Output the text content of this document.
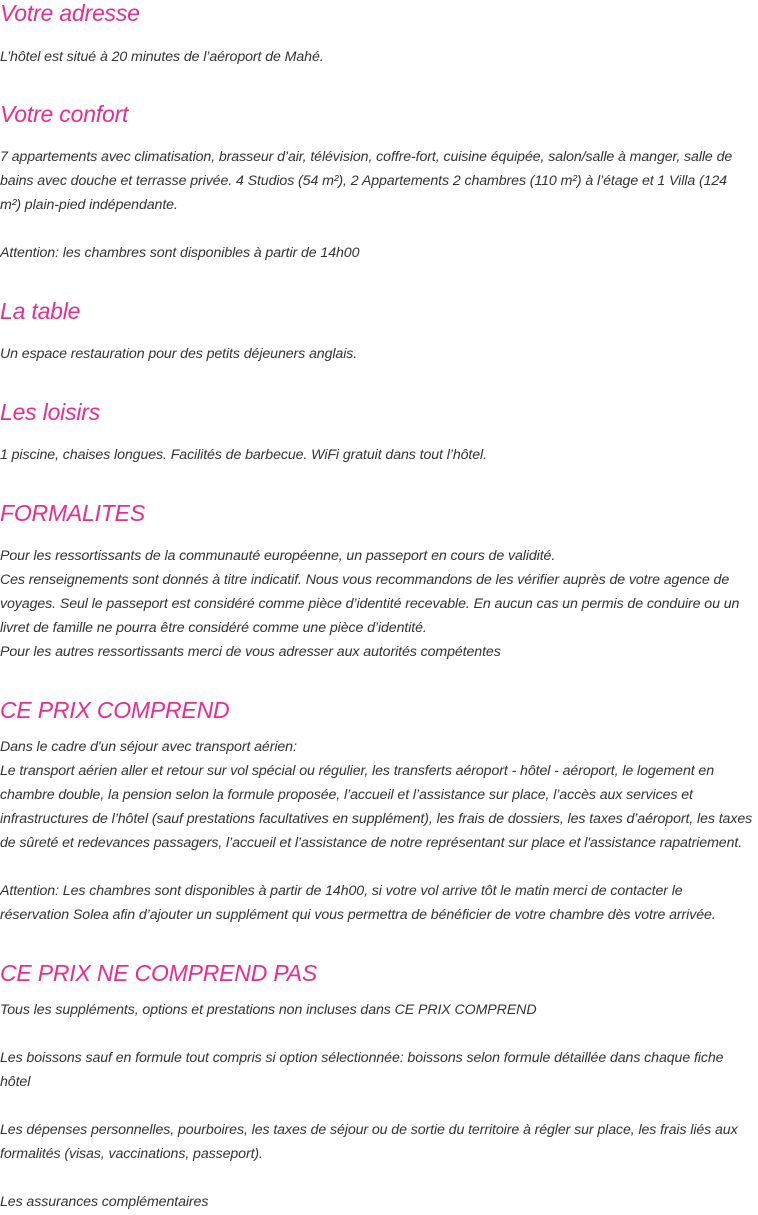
Votre adresse

L’hôtel est situé à 20 minutes de l’aéroport de Mahé.

Votre confort

7 appartements avec climatisation, brasseur d’air, télévision, coffre-fort, cuisine équipée, salon/salle à manger, salle de
bains avec douche et terrasse privée. 4 Studios (54 m²), 2 Appartements 2 chambres (110 m²) à l’étage et 1 Villa (124
m²) plain-pied indépendante.

Attention: les chambres sont disponibles à partir de 14h00

La table

Un espace restauration pour des petits déjeuners anglais.

Les loisirs

1 piscine, chaises longues. Facilités de barbecue. WiFi gratuit dans tout l’hôtel.

FORMALITES

Pour les ressortissants de la communauté européenne, un passeport en cours de validité.
Ces renseignements sont donnés à titre indicatif. Nous vous recommandons de les vérifier auprès de votre agence de
voyages. Seul le passeport est considéré comme pièce d’identité recevable. En aucun cas un permis de conduire ou un
livret de famille ne pourra être considéré comme une pièce d’identité.
Pour les autres ressortissants merci de vous adresser aux autorités compétentes

CE PRIX COMPREND

Dans le cadre d'un séjour avec transport aérien:
Le transport aérien aller et retour sur vol spécial ou régulier, les transferts aéroport - hôtel - aéroport, le logement en
chambre double, la pension selon la formule proposée, l’accueil et l’assistance sur place, l’accès aux services et
infrastructures de l’hôtel (sauf prestations facultatives en supplément), les frais de dossiers, les taxes d’aéroport, les taxes
de sûreté et redevances passagers, l’accueil et l’assistance de notre représentant sur place et l'assistance rapatriement.

Attention: Les chambres sont disponibles à partir de 14h00, si votre vol arrive tôt le matin merci de contacter le
réservation Solea afin d’ajouter un supplément qui vous permettra de bénéficier de votre chambre dès votre arrivée.

CE PRIX NE COMPREND PAS

Tous les suppléments, options et prestations non incluses dans CE PRIX COMPREND

Les boissons sauf en formule tout compris si option sélectionnée: boissons selon formule détaillée dans chaque fiche
hôtel

Les dépenses personnelles, pourboires, les taxes de séjour ou de sortie du territoire à régler sur place, les frais liés aux
formalités (visas, vaccinations, passeport).

Les assurances complémentaires
